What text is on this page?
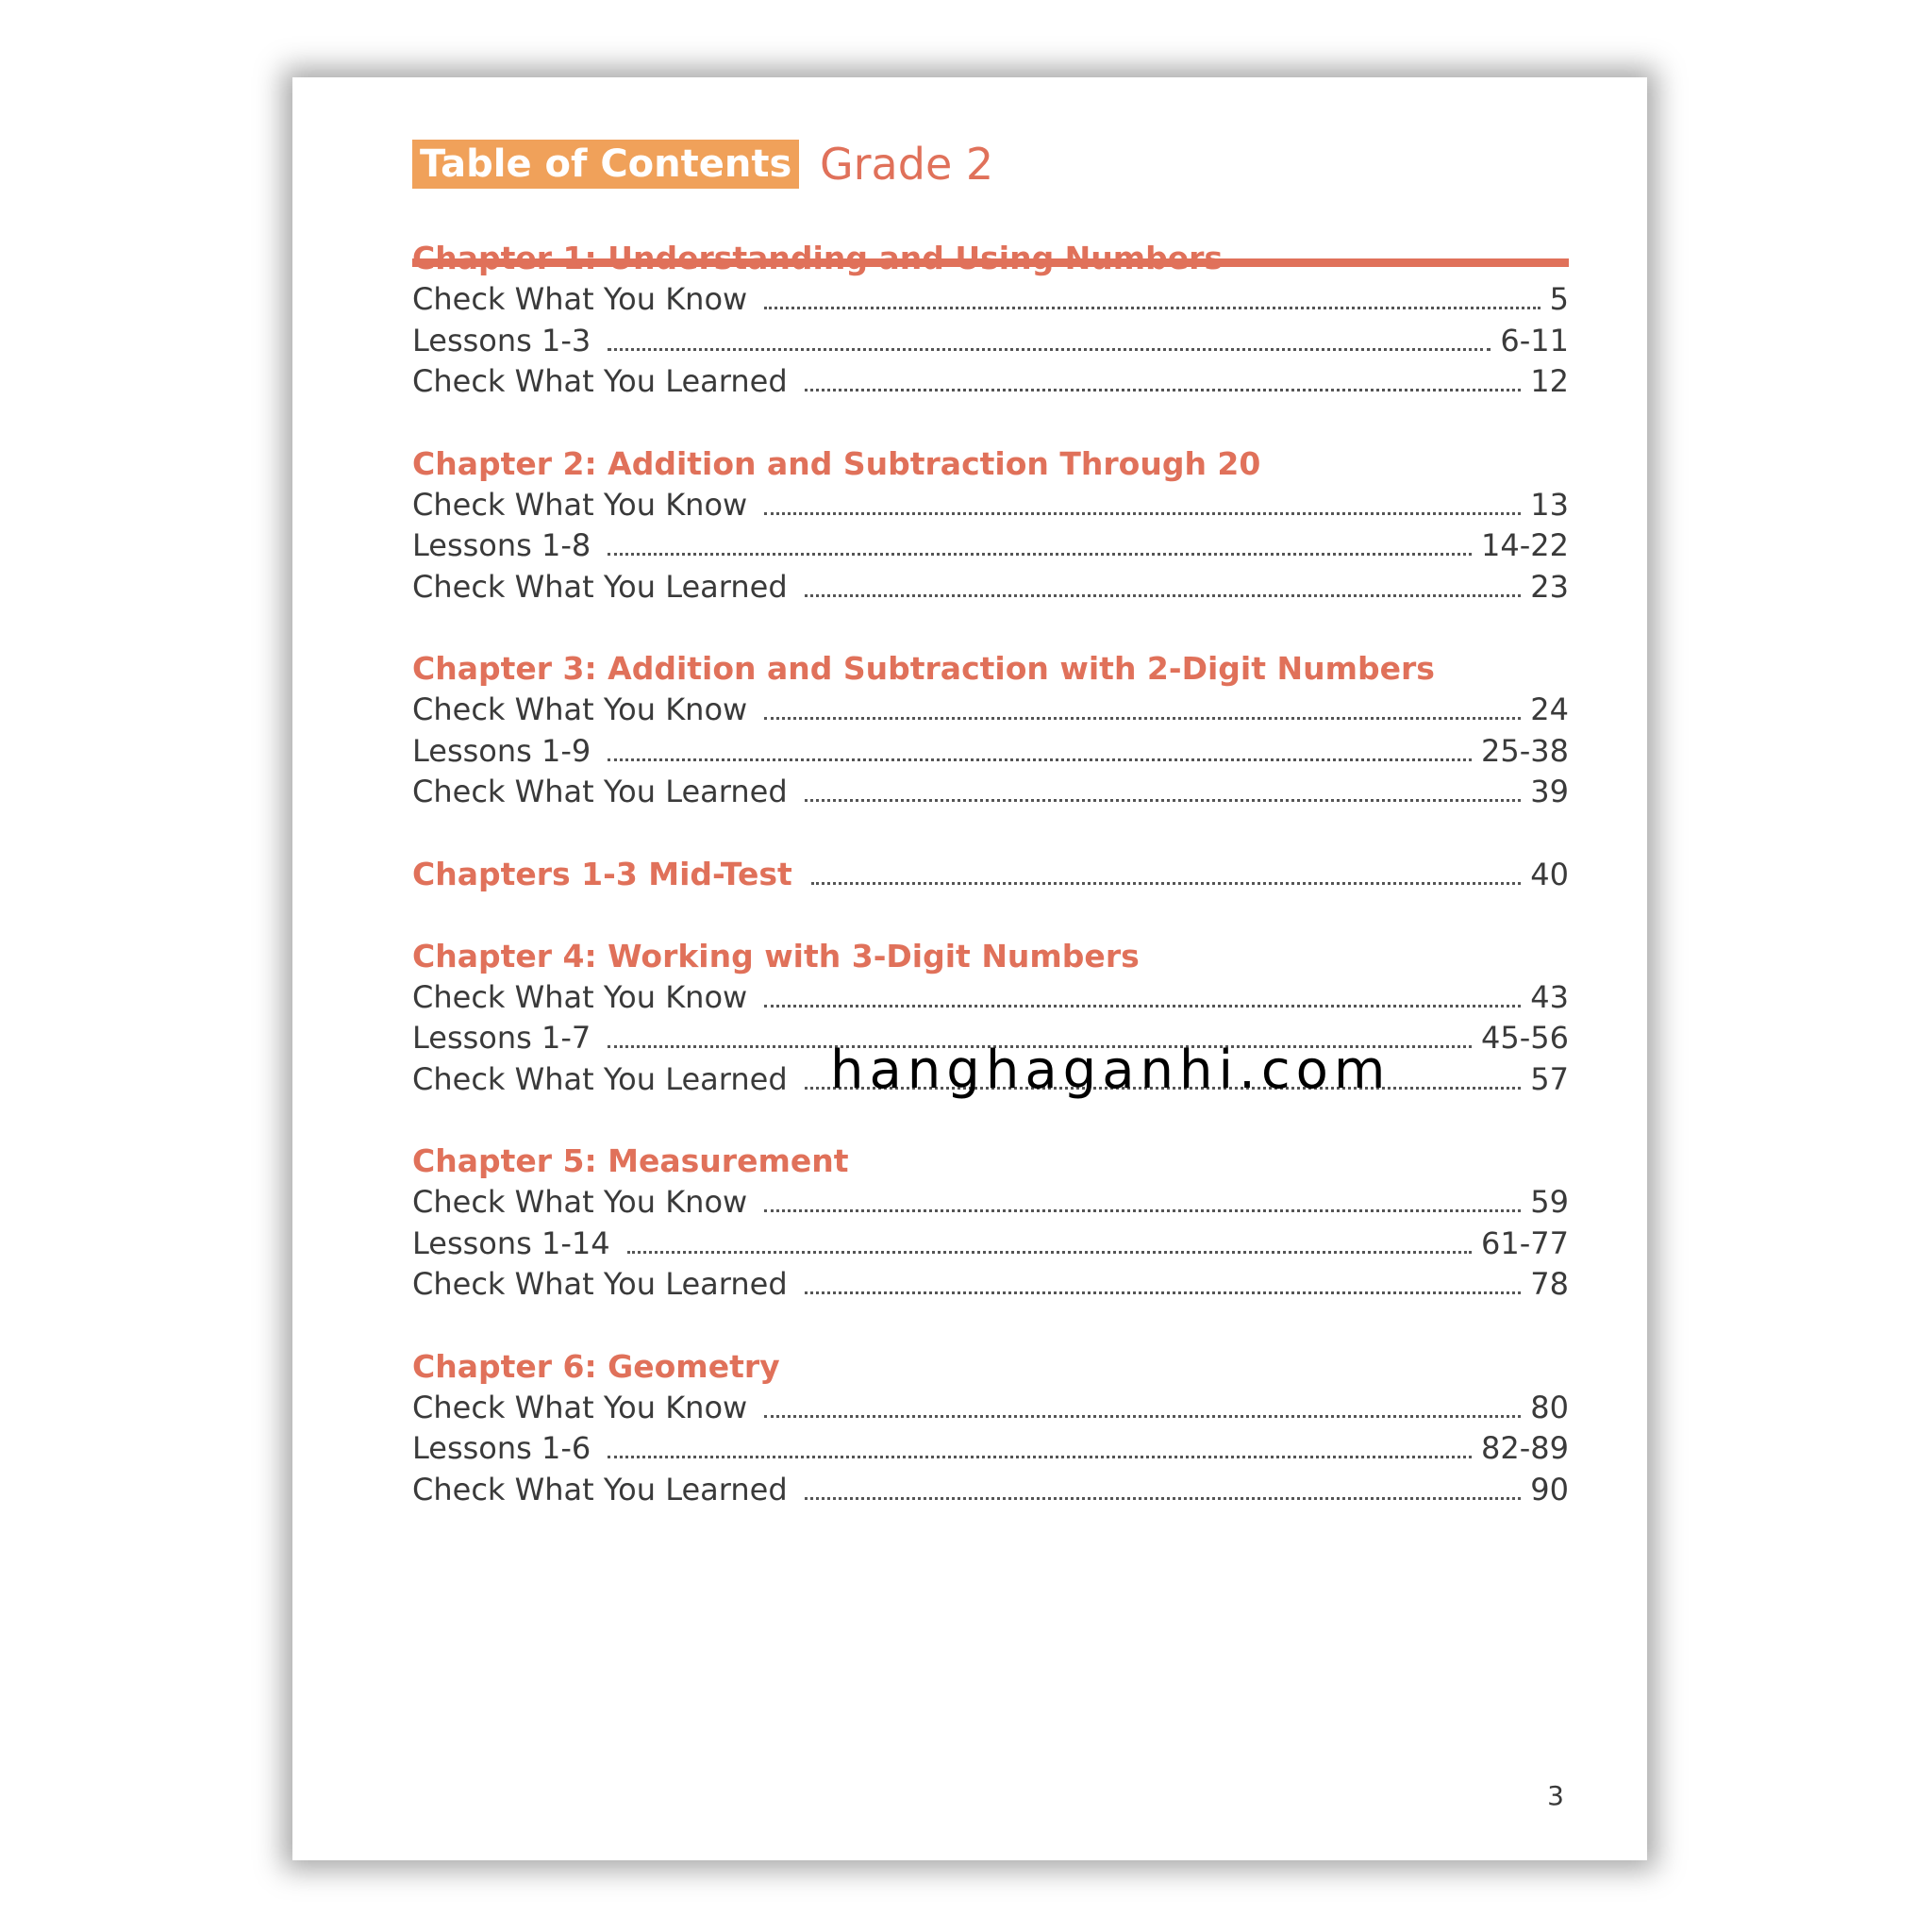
Table of Contents Grade 2
Chapter 1: Understanding and Using Numbers
Check What You Know	5
Lessons 1-3	6-11
Check What You Learned	12
Chapter 2: Addition and Subtraction Through 20
Check What You Know	13
Lessons 1-8	14-22
Check What You Learned	23
Chapter 3: Addition and Subtraction with 2-Digit Numbers
Check What You Know	24
Lessons 1-9	25-38
Check What You Learned	39
Chapters 1-3 Mid-Test	40
Chapter 4: Working with 3-Digit Numbers
Check What You Know	43
Lessons 1-7	45-56
Check What You Learned	57
Chapter 5: Measurement
Check What You Know	59
Lessons 1-14	61-77
Check What You Learned	78
Chapter 6: Geometry
Check What You Know	80
Lessons 1-6	82-89
Check What You Learned	90
3
hanghaganhi.com
